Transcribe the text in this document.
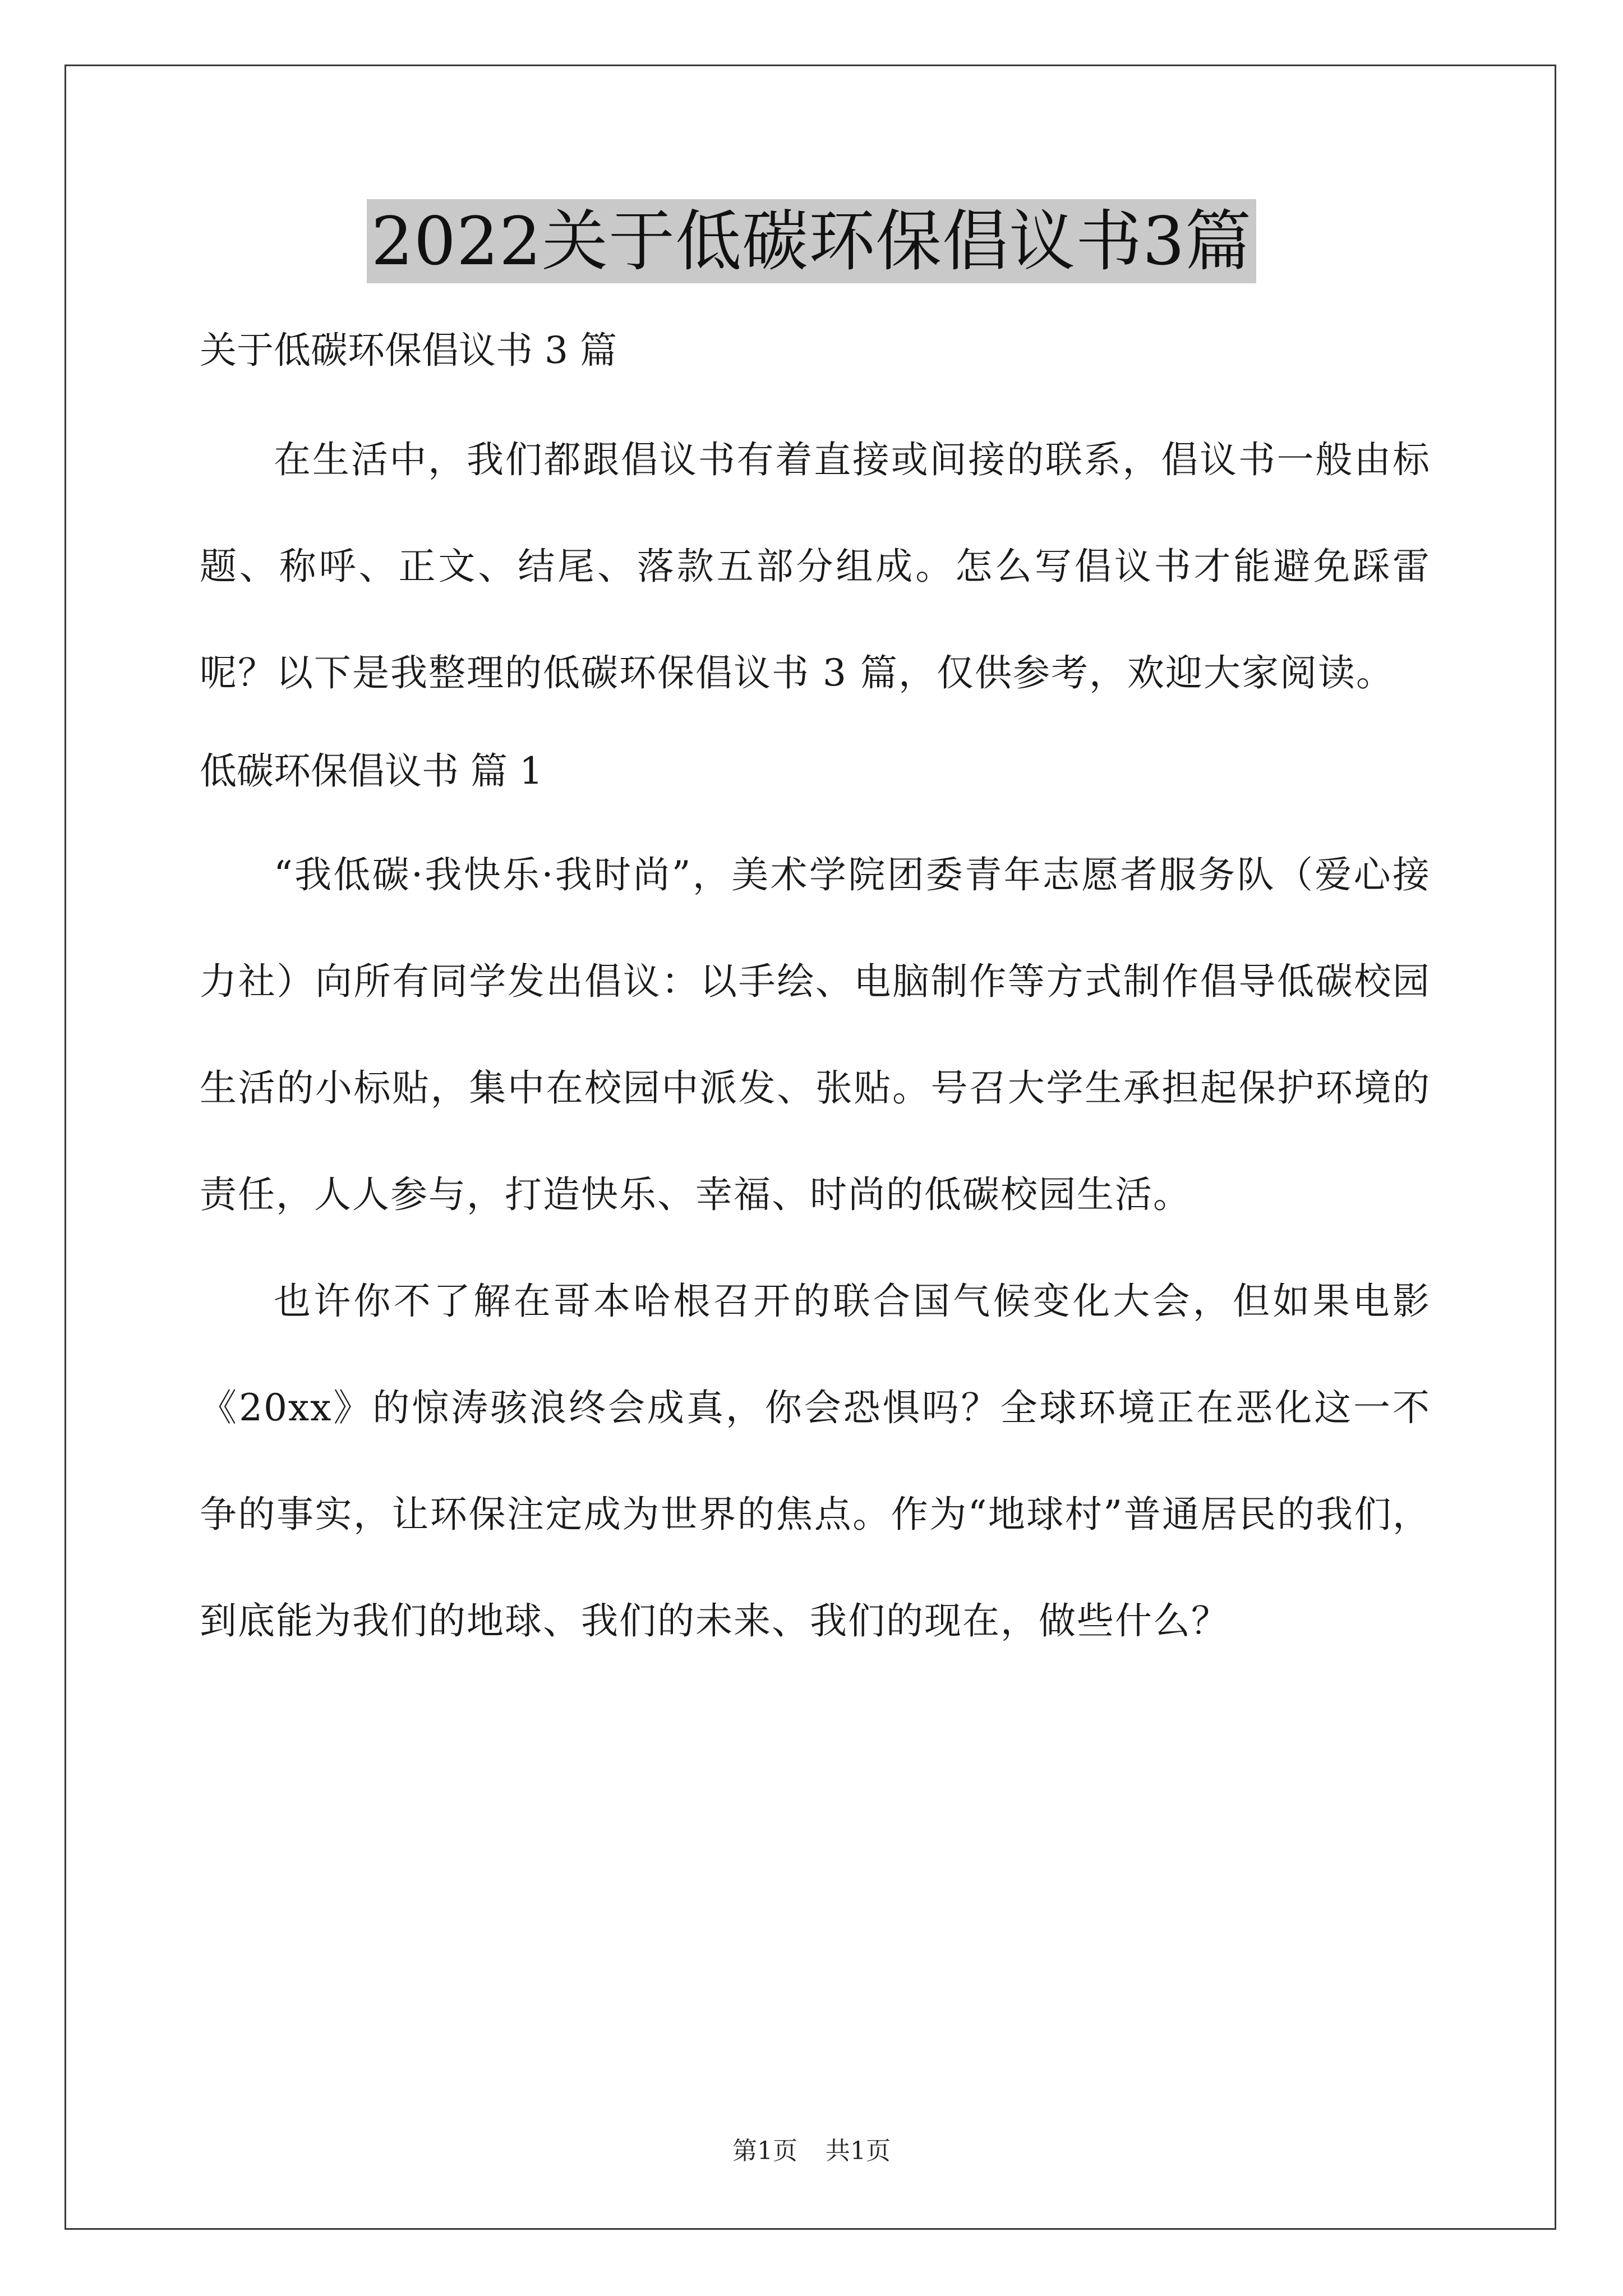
2022关于低碳环保倡议书3篇
关于低碳环保倡议书 3 篇

在生活中，我们都跟倡议书有着直接或间接的联系，倡议书一般由标题、称呼、正文、结尾、落款五部分组成。怎么写倡议书才能避免踩雷呢？以下是我整理的低碳环保倡议书 3 篇，仅供参考，欢迎大家阅读。

低碳环保倡议书 篇 1

“我低碳·我快乐·我时尚”，美术学院团委青年志愿者服务队（爱心接力社）向所有同学发出倡议：以手绘、电脑制作等方式制作倡导低碳校园生活的小标贴，集中在校园中派发、张贴。号召大学生承担起保护环境的责任，人人参与，打造快乐、幸福、时尚的低碳校园生活。

也许你不了解在哥本哈根召开的联合国气候变化大会，但如果电影《20xx》的惊涛骇浪终会成真，你会恐惧吗？全球环境正在恶化这一不争的事实，让环保注定成为世界的焦点。作为“地球村”普通居民的我们，到底能为我们的地球、我们的未来、我们的现在，做些什么？

第1页 共1页
